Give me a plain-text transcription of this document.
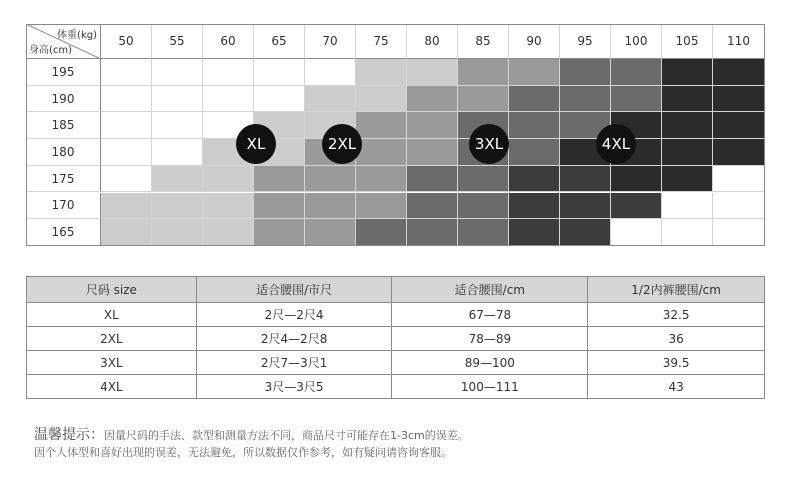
体重(kg)
身高(cm)
50	55	60	65	70	75	80	85	90	95	100	105	110
195
190
185
180
175
170
165
XL	2XL	3XL	4XL
尺码 size	适合腰围/市尺	适合腰围/cm	1/2内裤腰围/cm
XL	2尺—2尺4	67—78	32.5
2XL	2尺4—2尺8	78—89	36
3XL	2尺7—3尺1	89—100	39.5
4XL	3尺—3尺5	100—111	43
温馨提示：因量尺码的手法、款型和测量方法不同，商品尺寸可能存在1-3cm的误差。
因个人体型和喜好出现的误差，无法避免，所以数据仅作参考，如有疑问请咨询客服。
